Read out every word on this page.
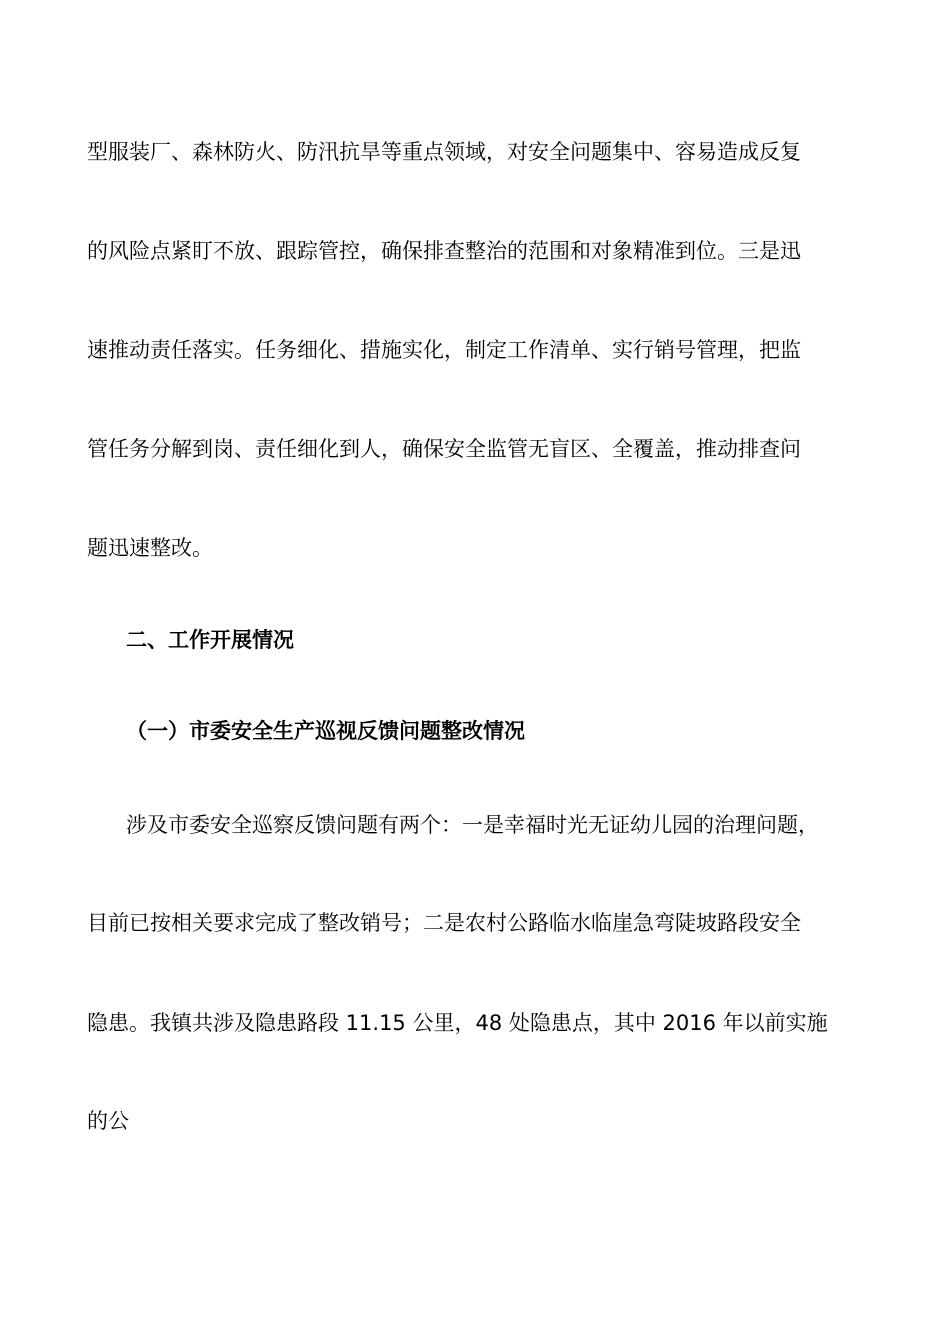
型服装厂、森林防火、防汛抗旱等重点领域，对安全问题集中、容易造成反复
的风险点紧盯不放、跟踪管控，确保排查整治的范围和对象精准到位。三是迅
速推动责任落实。任务细化、措施实化，制定工作清单、实行销号管理，把监
管任务分解到岗、责任细化到人，确保安全监管无盲区、全覆盖，推动排查问
题迅速整改。
二、工作开展情况
（一）市委安全生产巡视反馈问题整改情况
涉及市委安全巡察反馈问题有两个：一是幸福时光无证幼儿园的治理问题，
目前已按相关要求完成了整改销号；二是农村公路临水临崖急弯陡坡路段安全
隐患。我镇共涉及隐患路段 11.15 公里，48 处隐患点，其中 2016 年以前实施
的公
